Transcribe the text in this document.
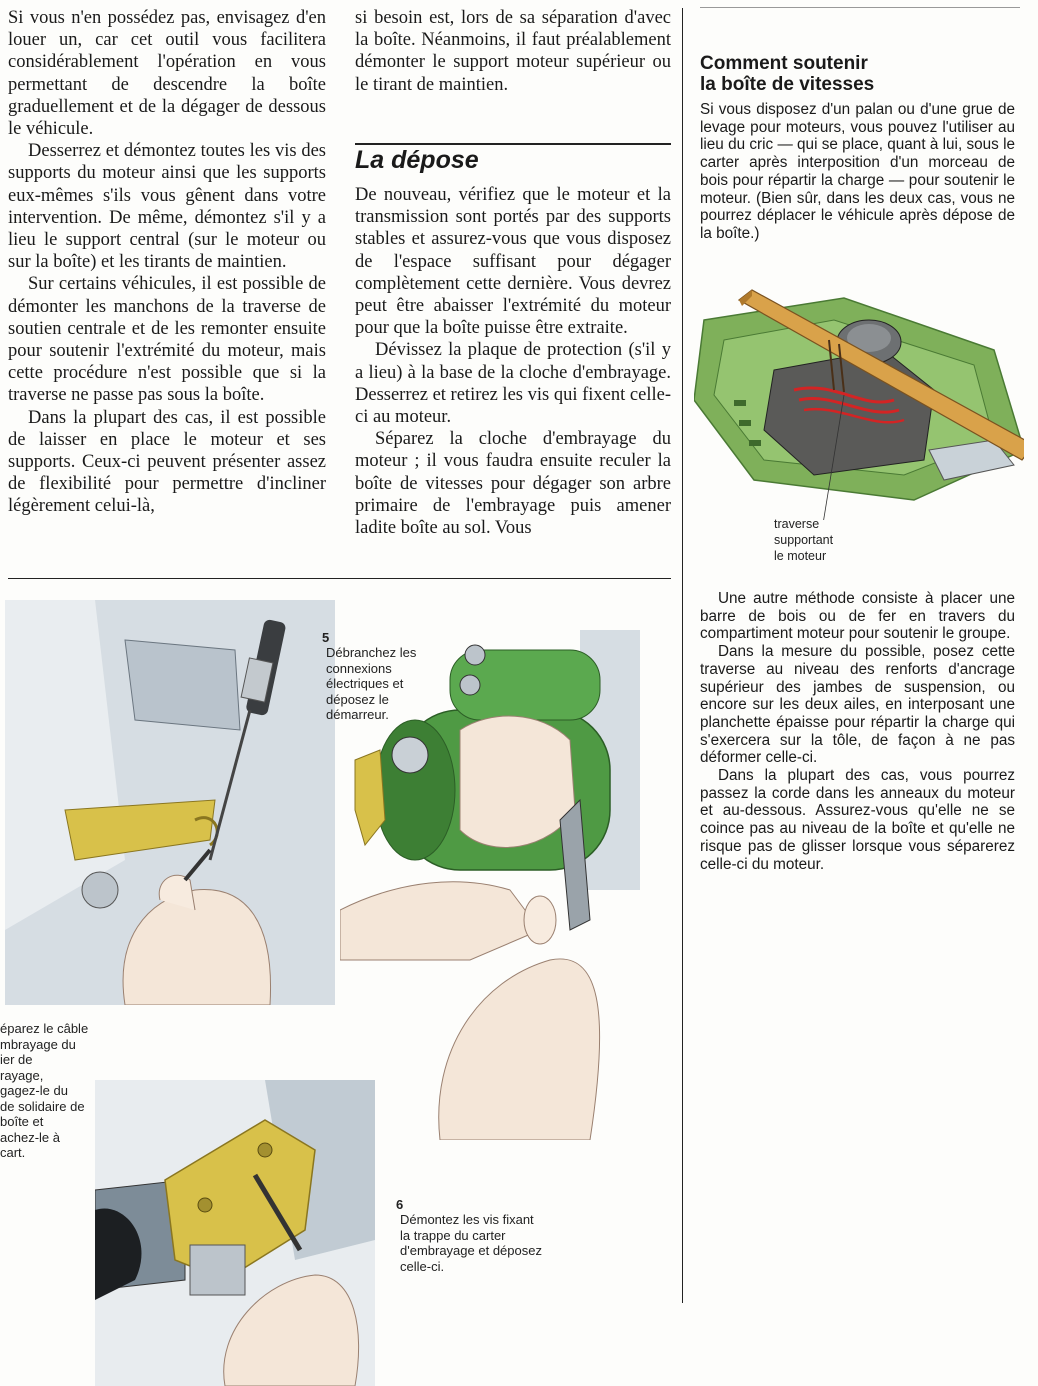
Si vous n'en possédez pas, envisagez d'en louer un, car cet outil vous facilitera considérablement l'opération en vous permettant de descendre la boîte graduellement et de la dégager de dessous le véhicule.

Desserrez et démontez toutes les vis des supports du moteur ainsi que les supports eux-mêmes s'ils vous gênent dans votre intervention. De même, démontez s'il y a lieu le support central (sur le moteur ou sur la boîte) et les tirants de maintien.

Sur certains véhicules, il est possible de démonter les manchons de la traverse de soutien centrale et de les remonter ensuite pour soutenir l'extrémité du moteur, mais cette procédure n'est possible que si la traverse ne passe pas sous la boîte.

Dans la plupart des cas, il est possible de laisser en place le moteur et ses supports. Ceux-ci peuvent présenter assez de flexibilité pour permettre d'incliner légèrement celui-là,

si besoin est, lors de sa séparation d'avec la boîte. Néanmoins, il faut préalablement démonter le support moteur supérieur ou le tirant de maintien.

La dépose

De nouveau, vérifiez que le moteur et la transmission sont portés par des supports stables et assurez-vous que vous disposez de l'espace suffisant pour dégager complètement cette dernière. Vous devrez peut être abaisser l'extrémité du moteur pour que la boîte puisse être extraite.

Dévissez la plaque de protection (s'il y a lieu) à la base de la cloche d'embrayage. Desserrez et retirez les vis qui fixent celle-ci au moteur.

Séparez la cloche d'embrayage du moteur ; il vous faudra ensuite reculer la boîte de vitesses pour dégager son arbre primaire de l'embrayage puis amener ladite boîte au sol. Vous

Comment soutenir
la boîte de vitesses

Si vous disposez d'un palan ou d'une grue de levage pour moteurs, vous pouvez l'utiliser au lieu du cric — qui se place, quant à lui, sous le carter après interposition d'un morceau de bois pour répartir la charge — pour soutenir le moteur. (Bien sûr, dans les deux cas, vous ne pourrez déplacer le véhicule après dépose de la boîte.)

traverse
supportant
le moteur

Une autre méthode consiste à placer une barre de bois ou de fer en travers du compartiment moteur pour soutenir le groupe.

Dans la mesure du possible, posez cette traverse au niveau des renforts d'ancrage supérieur des jambes de suspension, ou encore sur les deux ailes, en interposant une planchette épaisse pour répartir la charge qui s'exercera sur la tôle, de façon à ne pas déformer celle-ci.

Dans la plupart des cas, vous pourrez passez la corde dans les anneaux du moteur et au-dessous. Assurez-vous qu'elle ne se coince pas au niveau de la boîte et qu'elle ne risque pas de glisser lorsque vous séparerez celle-ci du moteur.

5
Débranchez les
connexions
électriques et
déposez le
démarreur.

éparez le câble
mbrayage du
ier de
rayage,
gagez-le du
de solidaire de
boîte et
achez-le à
cart.

6
Démontez les vis fixant
la trappe du carter
d'embrayage et déposez
celle-ci.
